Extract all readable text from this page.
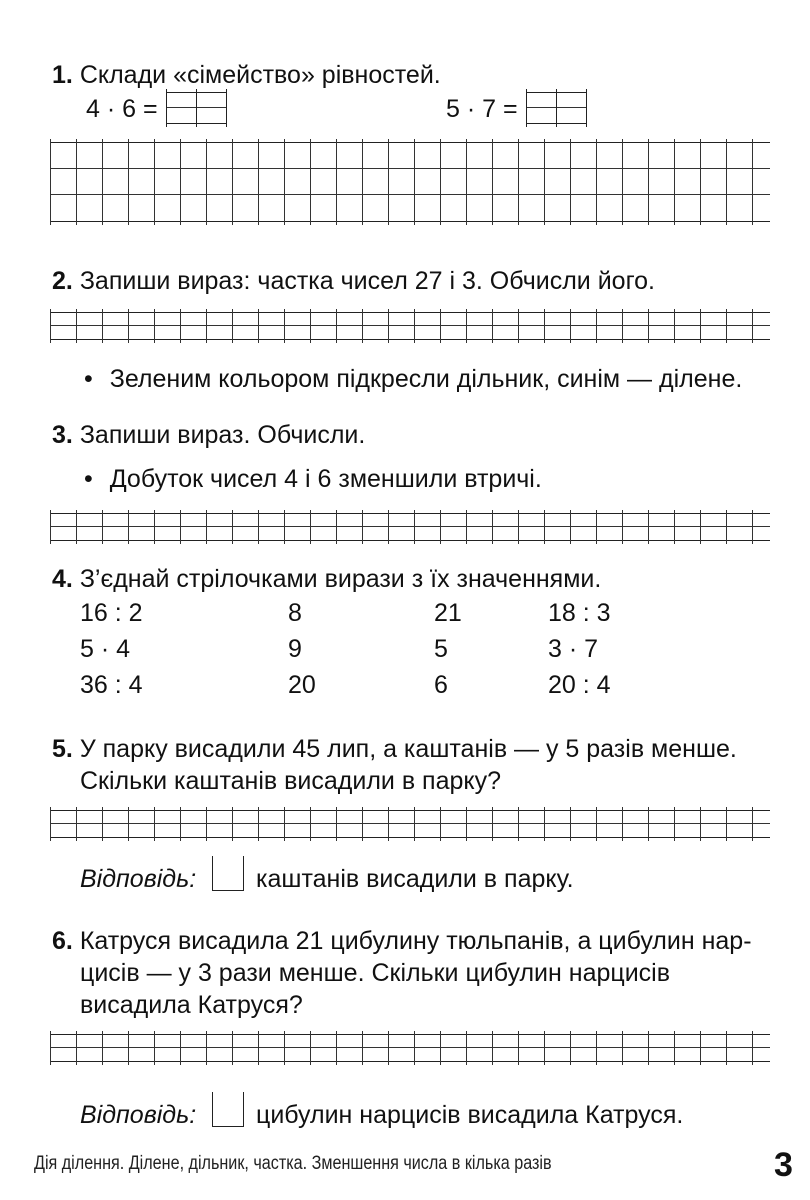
1. Склади «сімейство» рівностей.
4 · 6 =	5 · 7 =
2. Запиши вираз: частка чисел 27 і 3. Обчисли його.
• Зеленим кольором підкресли дільник, синім — ділене.
3. Запиши вираз. Обчисли.
• Добуток чисел 4 і 6 зменшили втричі.
4. З’єднай стрілочками вирази з їх значеннями.
16 : 2	8	21	18 : 3
5 · 4	9	5	3 · 7
36 : 4	20	6	20 : 4
5. У парку висадили 45 лип, а каштанів — у 5 разів менше.
Скільки каштанів висадили в парку?
Відповідь: каштанів висадили в парку.
6. Катруся висадила 21 цибулину тюльпанів, а цибулин нар-
цисів — у 3 рази менше. Скільки цибулин нарцисів
висадила Катруся?
Відповідь: цибулин нарцисів висадила Катруся.
Дія ділення. Ділене, дільник, частка. Зменшення числа в кілька разів	3
